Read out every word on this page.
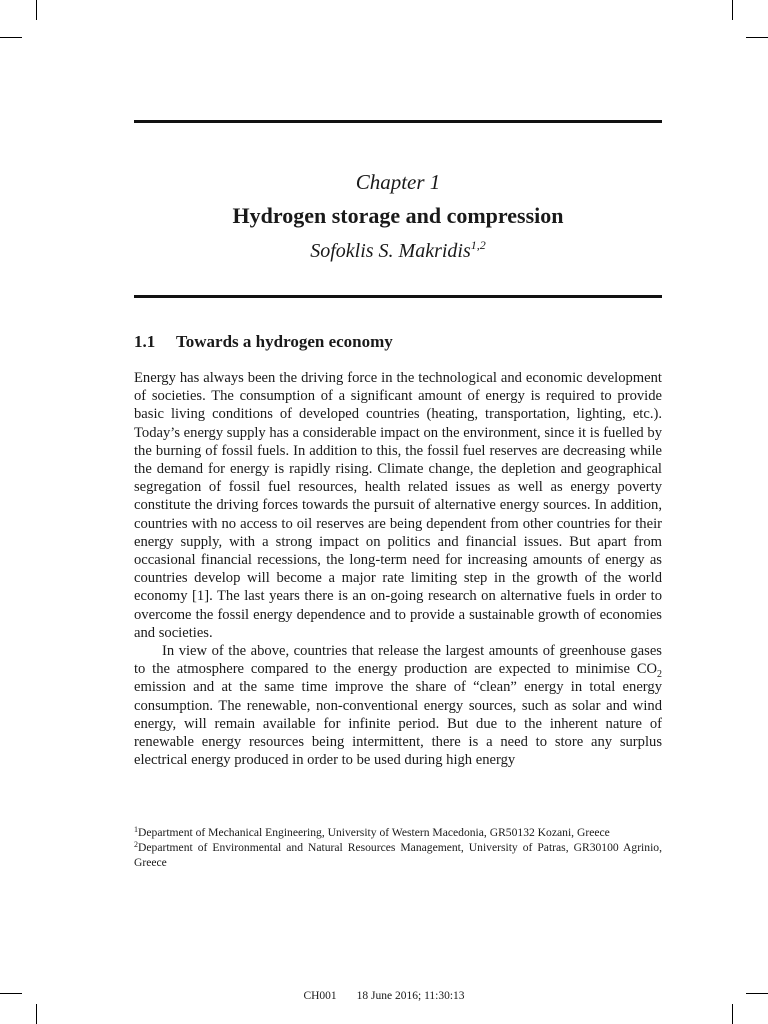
Chapter 1
Hydrogen storage and compression
Sofoklis S. Makridis$^{1,2}$
1.1 Towards a hydrogen economy

Energy has always been the driving force in the technological and economic development of societies. The consumption of a significant amount of energy is required to provide basic living conditions of developed countries (heating, transportation, lighting, etc.). Today’s energy supply has a considerable impact on the environment, since it is fuelled by the burning of fossil fuels. In addition to this, the fossil fuel reserves are decreasing while the demand for energy is rapidly rising. Climate change, the depletion and geographical segregation of fossil fuel resources, health related issues as well as energy poverty constitute the driving forces towards the pursuit of alternative energy sources. In addition, countries with no access to oil reserves are being dependent from other countries for their energy supply, with a strong impact on politics and financial issues. But apart from occasional financial recessions, the long-term need for increasing amounts of energy as countries develop will become a major rate limiting step in the growth of the world economy [1]. The last years there is an on-going research on alternative fuels in order to overcome the fossil energy dependence and to provide a sustainable growth of economies and societies.

In view of the above, countries that release the largest amounts of greenhouse gases to the atmosphere compared to the energy production are expected to minimise $CO_2$ emission and at the same time improve the share of “clean” energy in total energy consumption. The renewable, non-conventional energy sources, such as solar and wind energy, will remain available for infinite period. But due to the inherent nature of renewable energy resources being intermittent, there is a need to store any surplus electrical energy produced in order to be used during high energy

$^1$Department of Mechanical Engineering, University of Western Macedonia, GR50132 Kozani, Greece

$^2$Department of Environmental and Natural Resources Management, University of Patras, GR30100 Agrinio, Greece

CH001 18 June 2016; 11:30:13
